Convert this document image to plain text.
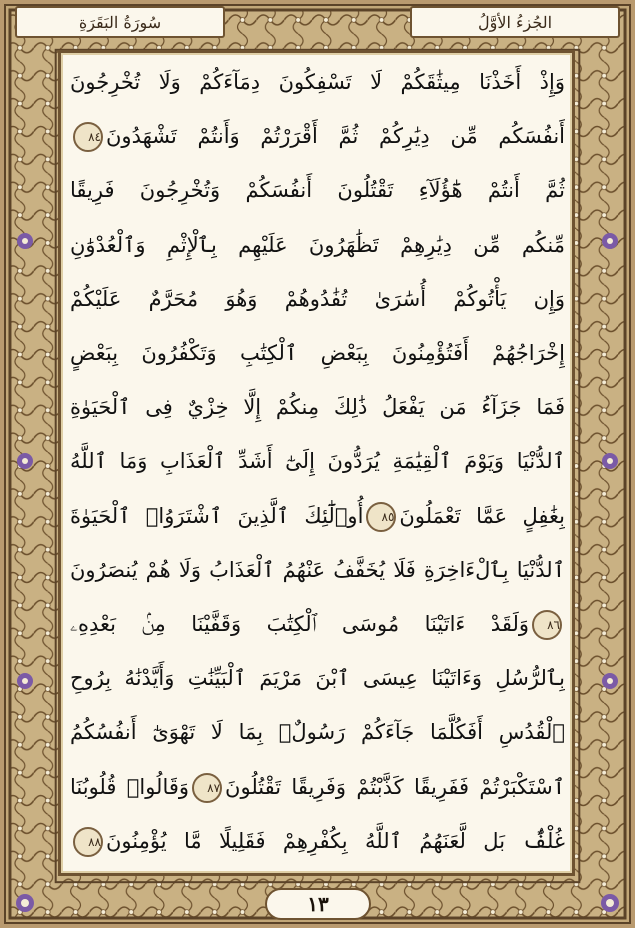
الجُزءُ الأوَّلُ
سُورَةُ البَقَرَةِ
وَإِذْ أَخَذْنَا مِيثَٰقَكُمْ لَا تَسْفِكُونَ دِمَآءَكُمْ وَلَا تُخْرِجُونَ
أَنفُسَكُم مِّن دِيَٰرِكُمْ ثُمَّ أَقْرَرْتُمْ وَأَنتُمْ تَشْهَدُونَ٨٤
ثُمَّ أَنتُمْ هَٰٓؤُلَآءِ تَقْتُلُونَ أَنفُسَكُمْ وَتُخْرِجُونَ فَرِيقًا
مِّنكُم مِّن دِيَٰرِهِمْ تَظَٰهَرُونَ عَلَيْهِم بِٱلْإِثْمِ وَٱلْعُدْوَٰنِ
وَإِن يَأْتُوكُمْ أُسَٰرَىٰ تُفَٰدُوهُمْ وَهُوَ مُحَرَّمٌ عَلَيْكُمْ
إِخْرَاجُهُمْ أَفَتُؤْمِنُونَ بِبَعْضِ ٱلْكِتَٰبِ وَتَكْفُرُونَ بِبَعْضٍ
فَمَا جَزَآءُ مَن يَفْعَلُ ذَٰلِكَ مِنكُمْ إِلَّا خِزْيٌ فِى ٱلْحَيَوٰةِ
ٱلدُّنْيَا وَيَوْمَ ٱلْقِيَٰمَةِ يُرَدُّونَ إِلَىٰٓ أَشَدِّ ٱلْعَذَابِ وَمَا ٱللَّهُ
بِغَٰفِلٍ عَمَّا تَعْمَلُونَ٨٥أُو۟لَٰٓئِكَ ٱلَّذِينَ ٱشْتَرَوُا۟ ٱلْحَيَوٰةَ
ٱلدُّنْيَا بِٱلْءَاخِرَةِ فَلَا يُخَفَّفُ عَنْهُمُ ٱلْعَذَابُ وَلَا هُمْ يُنصَرُونَ
٨٦وَلَقَدْ ءَاتَيْنَا مُوسَى ٱلْكِتَٰبَ وَقَفَّيْنَا مِنۢ بَعْدِهِۦ
بِٱلرُّسُلِ وَءَاتَيْنَا عِيسَى ٱبْنَ مَرْيَمَ ٱلْبَيِّنَٰتِ وَأَيَّدْنَٰهُ بِرُوحِ
ٱلْقُدُسِ أَفَكُلَّمَا جَآءَكُمْ رَسُولٌۢ بِمَا لَا تَهْوَىٰٓ أَنفُسُكُمُ
ٱسْتَكْبَرْتُمْ فَفَرِيقًا كَذَّبْتُمْ وَفَرِيقًا تَقْتُلُونَ٨٧وَقَالُوا۟ قُلُوبُنَا
غُلْفٌۢ بَل لَّعَنَهُمُ ٱللَّهُ بِكُفْرِهِمْ فَقَلِيلًا مَّا يُؤْمِنُونَ٨٨
١٣
